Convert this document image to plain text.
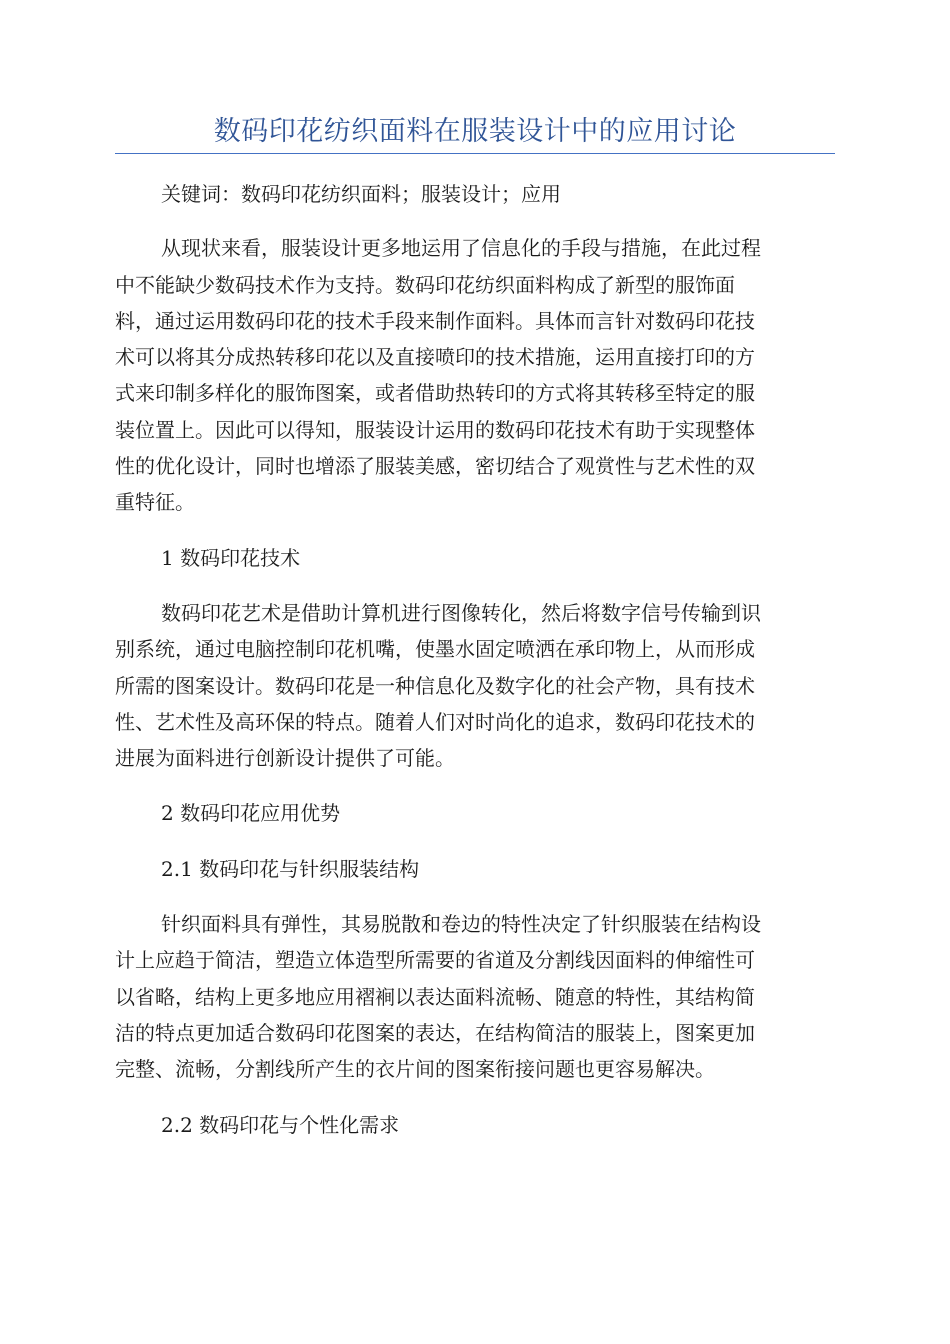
数码印花纺织面料在服装设计中的应用讨论

关键词：数码印花纺织面料；服装设计；应用

从现状来看，服装设计更多地运用了信息化的手段与措施，在此过程

中不能缺少数码技术作为支持。数码印花纺织面料构成了新型的服饰面

料，通过运用数码印花的技术手段来制作面料。具体而言针对数码印花技

术可以将其分成热转移印花以及直接喷印的技术措施，运用直接打印的方

式来印制多样化的服饰图案，或者借助热转印的方式将其转移至特定的服

装位置上。因此可以得知，服装设计运用的数码印花技术有助于实现整体

性的优化设计，同时也增添了服装美感，密切结合了观赏性与艺术性的双

重特征。

1 数码印花技术

数码印花艺术是借助计算机进行图像转化，然后将数字信号传输到识

别系统，通过电脑控制印花机嘴，使墨水固定喷洒在承印物上，从而形成

所需的图案设计。数码印花是一种信息化及数字化的社会产物，具有技术

性、艺术性及高环保的特点。随着人们对时尚化的追求，数码印花技术的

进展为面料进行创新设计提供了可能。

2 数码印花应用优势

2.1 数码印花与针织服装结构

针织面料具有弹性，其易脱散和卷边的特性决定了针织服装在结构设

计上应趋于简洁，塑造立体造型所需要的省道及分割线因面料的伸缩性可

以省略，结构上更多地应用褶裥以表达面料流畅、随意的特性，其结构简

洁的特点更加适合数码印花图案的表达，在结构简洁的服装上，图案更加

完整、流畅，分割线所产生的衣片间的图案衔接问题也更容易解决。

2.2 数码印花与个性化需求
